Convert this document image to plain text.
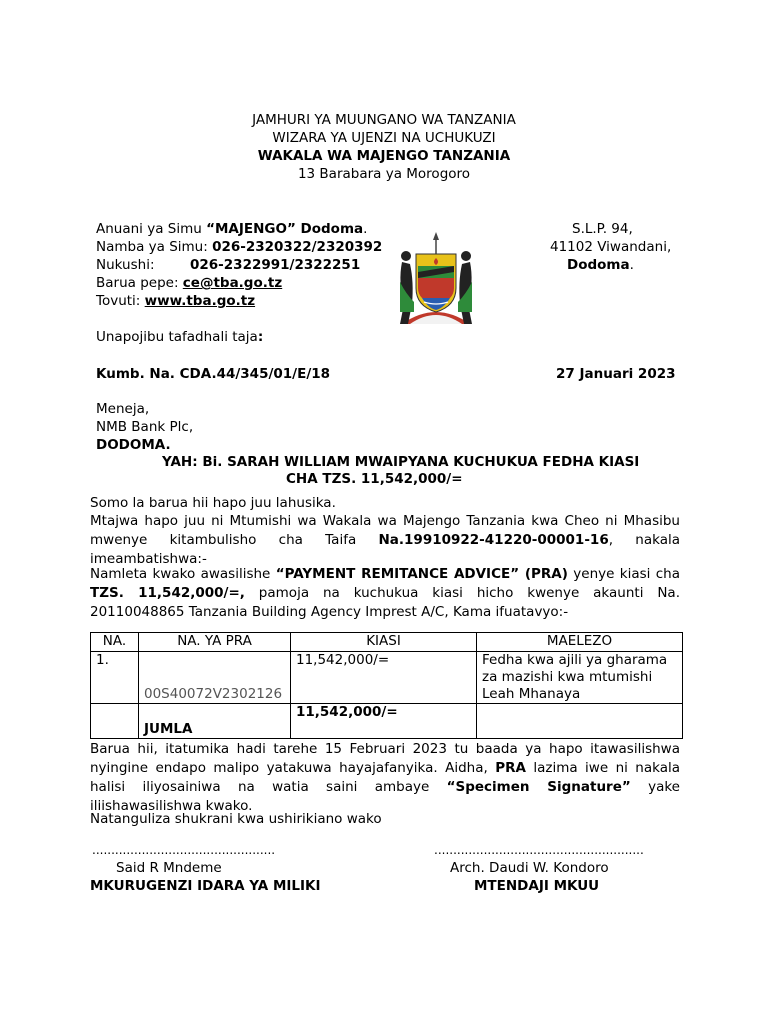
JAMHURI YA MUUNGANO WA TANZANIA
WIZARA YA UJENZI NA UCHUKUZI
WAKALA WA MAJENGO TANZANIA
13 Barabara ya Morogoro
Anuani ya Simu “MAJENGO” Dodoma.
Namba ya Simu: 026-2320322/2320392
Nukushi:	026-2322991/2322251
Barua pepe: ce@tba.go.tz
Tovuti: www.tba.go.tz
S.L.P. 94,
41102 Viwandani,
Dodoma.
Unapojibu tafadhali taja:
Kumb. Na. CDA.44/345/01/E/18	27 Januari 2023
Meneja,
NMB Bank Plc,
DODOMA.
YAH: Bi. SARAH WILLIAM MWAIPYANA KUCHUKUA FEDHA KIASI
CHA TZS. 11,542,000/=
Somo la barua hii hapo juu lahusika.
Mtajwa hapo juu ni Mtumishi wa Wakala wa Majengo Tanzania kwa Cheo ni Mhasibu mwenye kitambulisho cha Taifa Na.19910922-41220-00001-16, nakala imeambatishwa:-
Namleta kwako awasilishe “PAYMENT REMITANCE ADVICE” (PRA) yenye kiasi cha TZS. 11,542,000/=, pamoja na kuchukua kiasi hicho kwenye akaunti Na. 20110048865 Tanzania Building Agency Imprest A/C, Kama ifuatavyo:-
NA.	NA. YA PRA	KIASI	MAELEZO
1.	00S40072V2302126	11,542,000/=	Fedha kwa ajili ya gharama za mazishi kwa mtumishi Leah Mhanaya
	JUMLA	11,542,000/=	
Barua hii, itatumika hadi tarehe 15 Februari 2023 tu baada ya hapo itawasilishwa nyingine endapo malipo yatakuwa hayajafanyika. Aidha, PRA lazima iwe ni nakala halisi iliyosainiwa na watia saini ambaye “Specimen Signature” yake iliishawasilishwa kwako.
Natanguliza shukrani kwa ushirikiano wako
................................................
Said R Mndeme
MKURUGENZI IDARA YA MILIKI
.......................................................
Arch. Daudi W. Kondoro
MTENDAJI MKUU
